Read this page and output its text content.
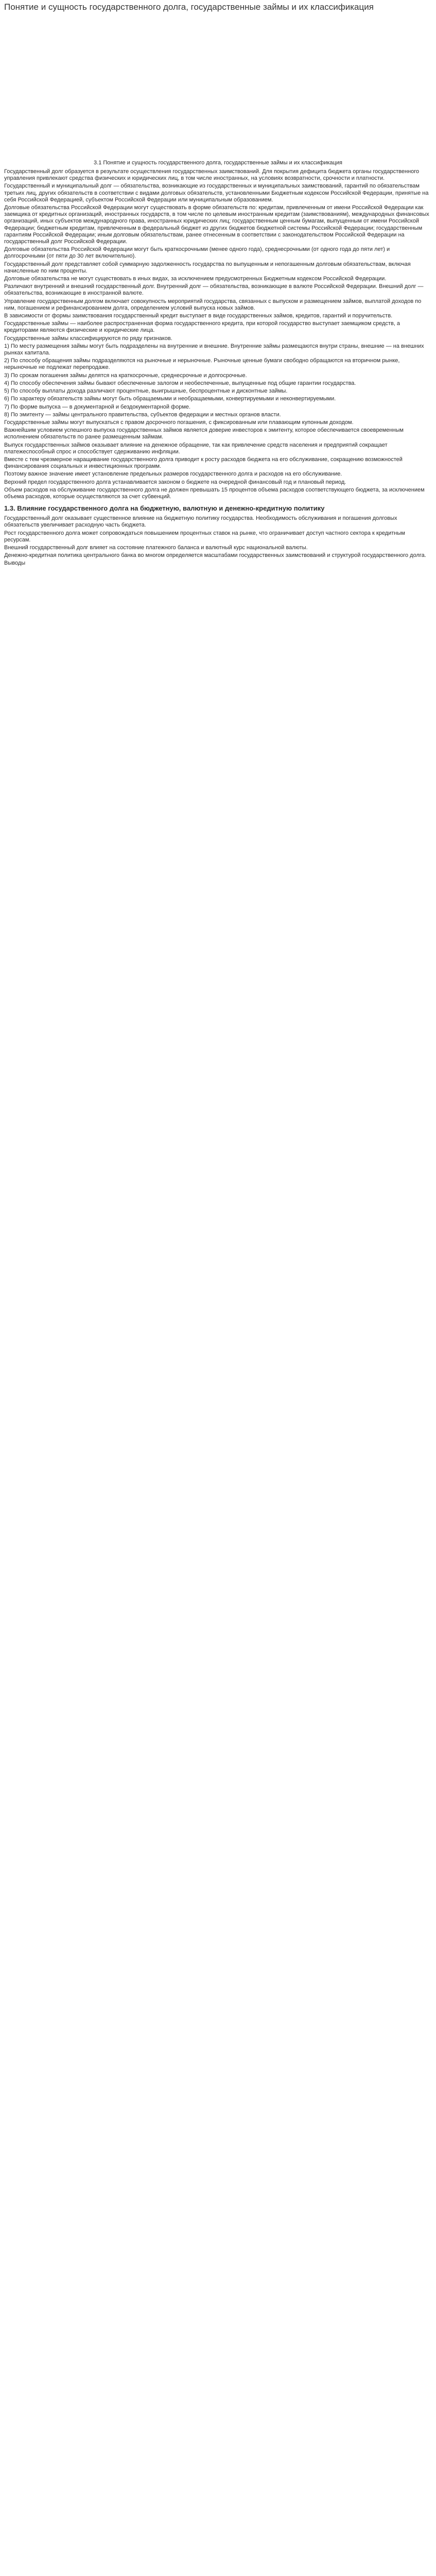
Понятие и сущность государственного долга, государственные займы и их классификация
3.1 Понятие и сущность государственного долга, государственные займы и их классификация

Государственный долг образуется в результате осуществления государственных заимствований. Для покрытия дефицита бюджета органы государственного управления привлекают средства физических и юридических лиц, в том числе иностранных, на условиях возвратности, срочности и платности.

Государственный и муниципальный долг — обязательства, возникающие из государственных и муниципальных заимствований, гарантий по обязательствам третьих лиц, других обязательств в соответствии с видами долговых обязательств, установленными Бюджетным кодексом Российской Федерации, принятые на себя Российской Федерацией, субъектом Российской Федерации или муниципальным образованием.

Долговые обязательства Российской Федерации могут существовать в форме обязательств по: кредитам, привлеченным от имени Российской Федерации как заемщика от кредитных организаций, иностранных государств, в том числе по целевым иностранным кредитам (заимствованиям), международных финансовых организаций, иных субъектов международного права, иностранных юридических лиц; государственным ценным бумагам, выпущенным от имени Российской Федерации; бюджетным кредитам, привлеченным в федеральный бюджет из других бюджетов бюджетной системы Российской Федерации; государственным гарантиям Российской Федерации; иным долговым обязательствам, ранее отнесенным в соответствии с законодательством Российской Федерации на государственный долг Российской Федерации.

Долговые обязательства Российской Федерации могут быть краткосрочными (менее одного года), среднесрочными (от одного года до пяти лет) и долгосрочными (от пяти до 30 лет включительно).

Государственный долг представляет собой суммарную задолженность государства по выпущенным и непогашенным долговым обязательствам, включая начисленные по ним проценты.

Долговые обязательства не могут существовать в иных видах, за исключением предусмотренных Бюджетным кодексом Российской Федерации.

Различают внутренний и внешний государственный долг. Внутренний долг — обязательства, возникающие в валюте Российской Федерации. Внешний долг — обязательства, возникающие в иностранной валюте.

Управление государственным долгом включает совокупность мероприятий государства, связанных с выпуском и размещением займов, выплатой доходов по ним, погашением и рефинансированием долга, определением условий выпуска новых займов.

В зависимости от формы заимствования государственный кредит выступает в виде государственных займов, кредитов, гарантий и поручительств.

Государственные займы — наиболее распространенная форма государственного кредита, при которой государство выступает заемщиком средств, а кредиторами являются физические и юридические лица.

Государственные займы классифицируются по ряду признаков.

1) По месту размещения займы могут быть подразделены на внутренние и внешние. Внутренние займы размещаются внутри страны, внешние — на внешних рынках капитала.

2) По способу обращения займы подразделяются на рыночные и нерыночные. Рыночные ценные бумаги свободно обращаются на вторичном рынке, нерыночные не подлежат перепродаже.

3) По срокам погашения займы делятся на краткосрочные, среднесрочные и долгосрочные.

4) По способу обеспечения займы бывают обеспеченные залогом и необеспеченные, выпущенные под общие гарантии государства.

5) По способу выплаты дохода различают процентные, выигрышные, беспроцентные и дисконтные займы.

6) По характеру обязательств займы могут быть обращаемыми и необращаемыми, конвертируемыми и неконвертируемыми.

7) По форме выпуска — в документарной и бездокументарной форме.

8) По эмитенту — займы центрального правительства, субъектов федерации и местных органов власти.

Государственные займы могут выпускаться с правом досрочного погашения, с фиксированным или плавающим купонным доходом.

Важнейшим условием успешного выпуска государственных займов является доверие инвесторов к эмитенту, которое обеспечивается своевременным исполнением обязательств по ранее размещенным займам.

Выпуск государственных займов оказывает влияние на денежное обращение, так как привлечение средств населения и предприятий сокращает платежеспособный спрос и способствует сдерживанию инфляции.

Вместе с тем чрезмерное наращивание государственного долга приводит к росту расходов бюджета на его обслуживание, сокращению возможностей финансирования социальных и инвестиционных программ.

Поэтому важное значение имеет установление предельных размеров государственного долга и расходов на его обслуживание.

Верхний предел государственного долга устанавливается законом о бюджете на очередной финансовый год и плановый период.

Объем расходов на обслуживание государственного долга не должен превышать 15 процентов объема расходов соответствующего бюджета, за исключением объема расходов, которые осуществляются за счет субвенций.

1.3. Влияние государственного долга на бюджетную, валютную и денежно-кредитную политику

Государственный долг оказывает существенное влияние на бюджетную политику государства. Необходимость обслуживания и погашения долговых обязательств увеличивает расходную часть бюджета.

Рост государственного долга может сопровождаться повышением процентных ставок на рынке, что ограничивает доступ частного сектора к кредитным ресурсам.

Внешний государственный долг влияет на состояние платежного баланса и валютный курс национальной валюты.

Денежно-кредитная политика центрального банка во многом определяется масштабами государственных заимствований и структурой государственного долга.

Выводы
